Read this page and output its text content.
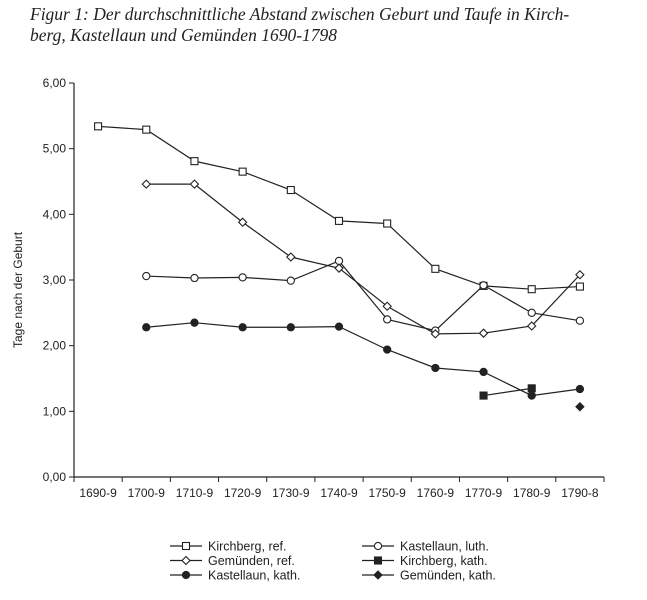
Figur 1: Der durchschnittliche Abstand zwischen Geburt und Taufe in Kirch-
berg, Kastellaun und Gemünden 1690-1798
0,00
1,00
2,00
3,00
4,00
5,00
6,00
1690-9 1700-9 1710-9 1720-9 1730-9 1740-9 1750-9 1760-9 1770-9 1780-9 1790-8
Tage nach der Geburt
Kirchberg, ref.	Kastellaun, luth.
Gemünden, ref.	Kirchberg, kath.
Kastellaun, kath.	Gemünden, kath.
